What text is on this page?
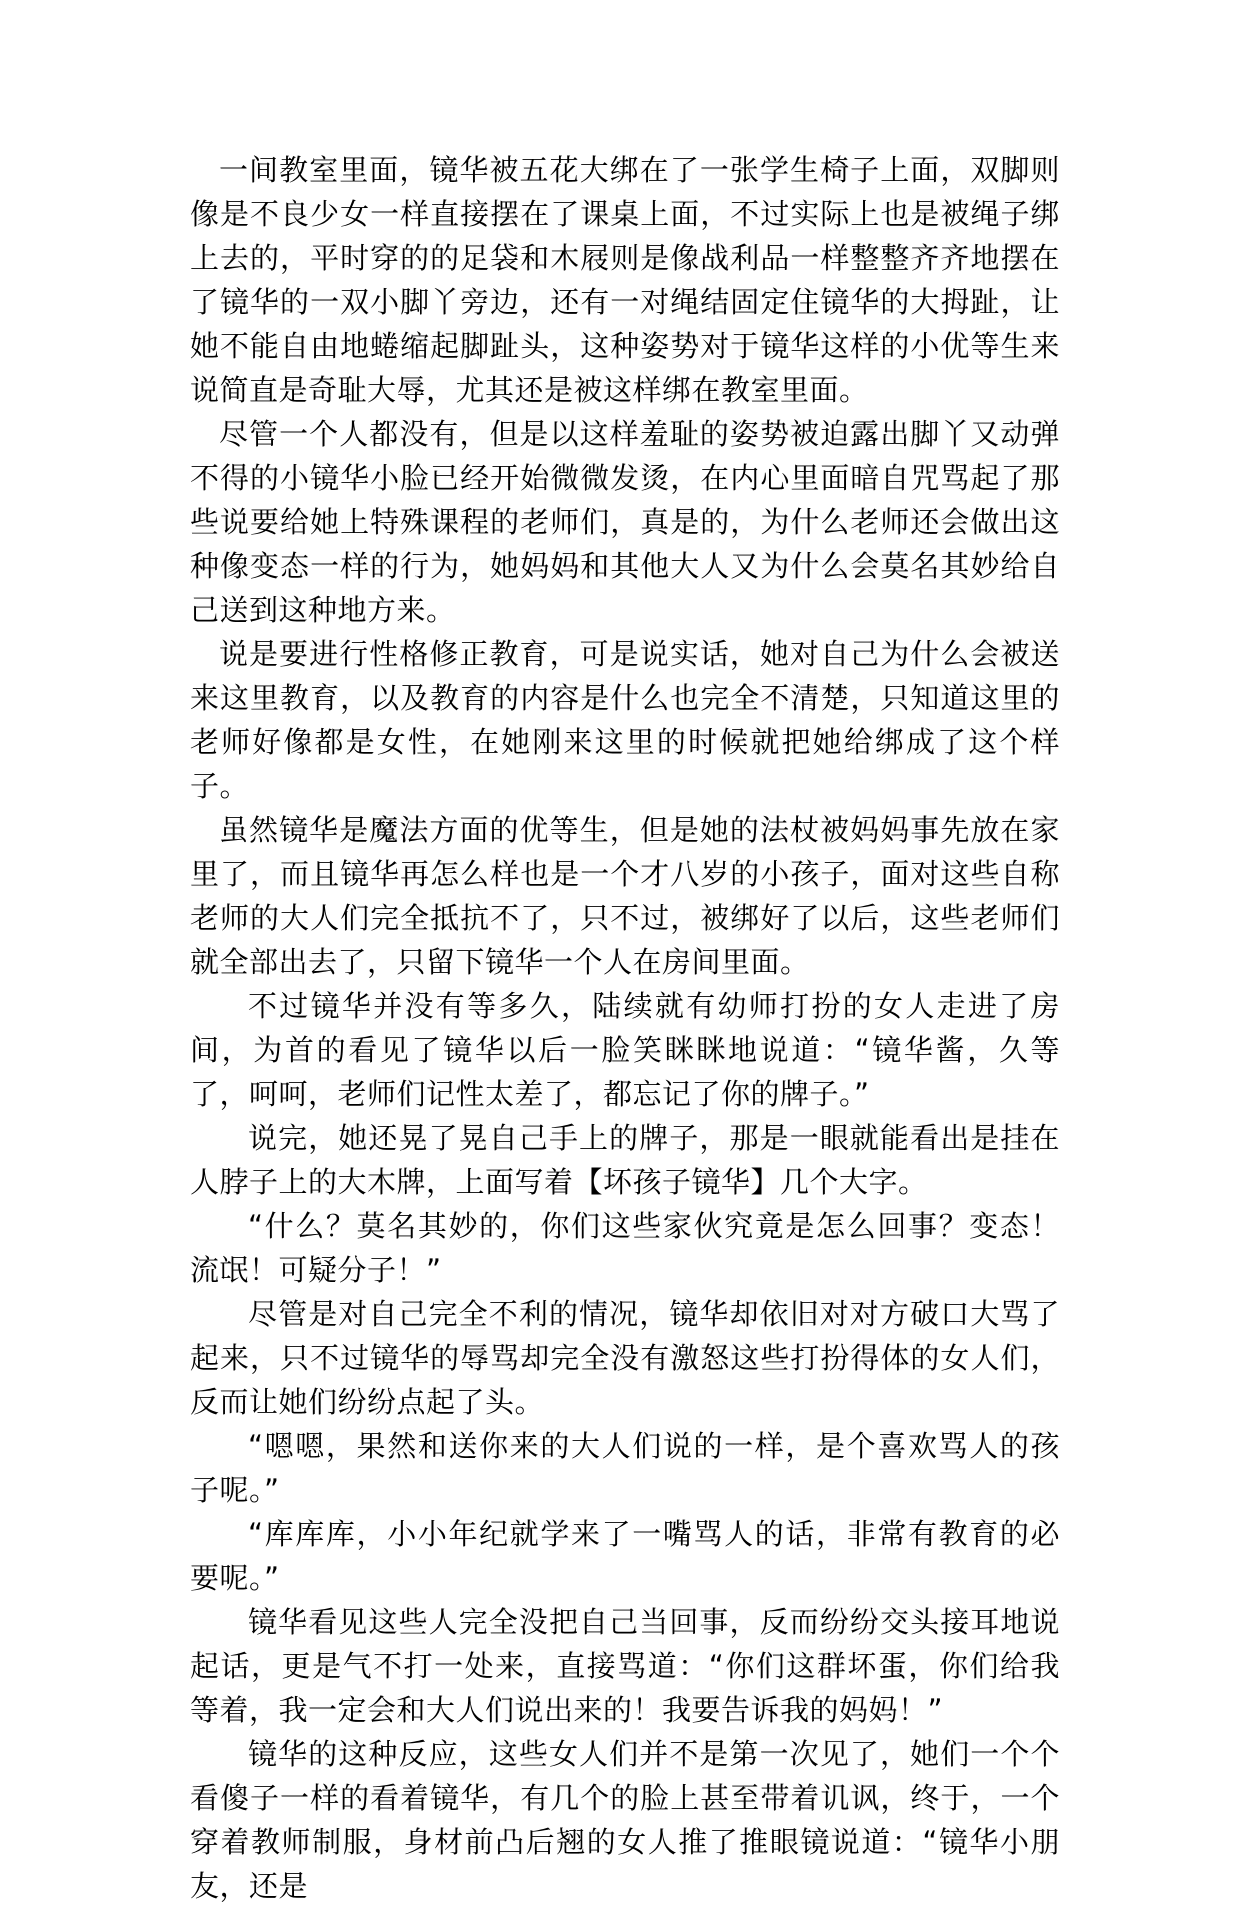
一间教室里面，镜华被五花大绑在了一张学生椅子上面，双脚则像是不良少女一样直接摆在了课桌上面，不过实际上也是被绳子绑上去的，平时穿的的足袋和木屐则是像战利品一样整整齐齐地摆在了镜华的一双小脚丫旁边，还有一对绳结固定住镜华的大拇趾，让她不能自由地蜷缩起脚趾头，这种姿势对于镜华这样的小优等生来说简直是奇耻大辱，尤其还是被这样绑在教室里面。

尽管一个人都没有，但是以这样羞耻的姿势被迫露出脚丫又动弹不得的小镜华小脸已经开始微微发烫，在内心里面暗自咒骂起了那些说要给她上特殊课程的老师们，真是的，为什么老师还会做出这种像变态一样的行为，她妈妈和其他大人又为什么会莫名其妙给自己送到这种地方来。

说是要进行性格修正教育，可是说实话，她对自己为什么会被送来这里教育，以及教育的内容是什么也完全不清楚，只知道这里的老师好像都是女性，在她刚来这里的时候就把她给绑成了这个样子。

虽然镜华是魔法方面的优等生，但是她的法杖被妈妈事先放在家里了，而且镜华再怎么样也是一个才八岁的小孩子，面对这些自称老师的大人们完全抵抗不了，只不过，被绑好了以后，这些老师们就全部出去了，只留下镜华一个人在房间里面。

不过镜华并没有等多久，陆续就有幼师打扮的女人走进了房间，为首的看见了镜华以后一脸笑眯眯地说道：“镜华酱，久等了，呵呵，老师们记性太差了，都忘记了你的牌子。”

说完，她还晃了晃自己手上的牌子，那是一眼就能看出是挂在人脖子上的大木牌，上面写着【坏孩子镜华】几个大字。

“什么？莫名其妙的，你们这些家伙究竟是怎么回事？变态！流氓！可疑分子！”

尽管是对自己完全不利的情况，镜华却依旧对对方破口大骂了起来，只不过镜华的辱骂却完全没有激怒这些打扮得体的女人们，反而让她们纷纷点起了头。

“嗯嗯，果然和送你来的大人们说的一样，是个喜欢骂人的孩子呢。”

“库库库，小小年纪就学来了一嘴骂人的话，非常有教育的必要呢。”

镜华看见这些人完全没把自己当回事，反而纷纷交头接耳地说起话，更是气不打一处来，直接骂道：“你们这群坏蛋，你们给我等着，我一定会和大人们说出来的！我要告诉我的妈妈！”

镜华的这种反应，这些女人们并不是第一次见了，她们一个个看傻子一样的看着镜华，有几个的脸上甚至带着讥讽，终于，一个穿着教师制服，身材前凸后翘的女人推了推眼镜说道：“镜华小朋友，还是
